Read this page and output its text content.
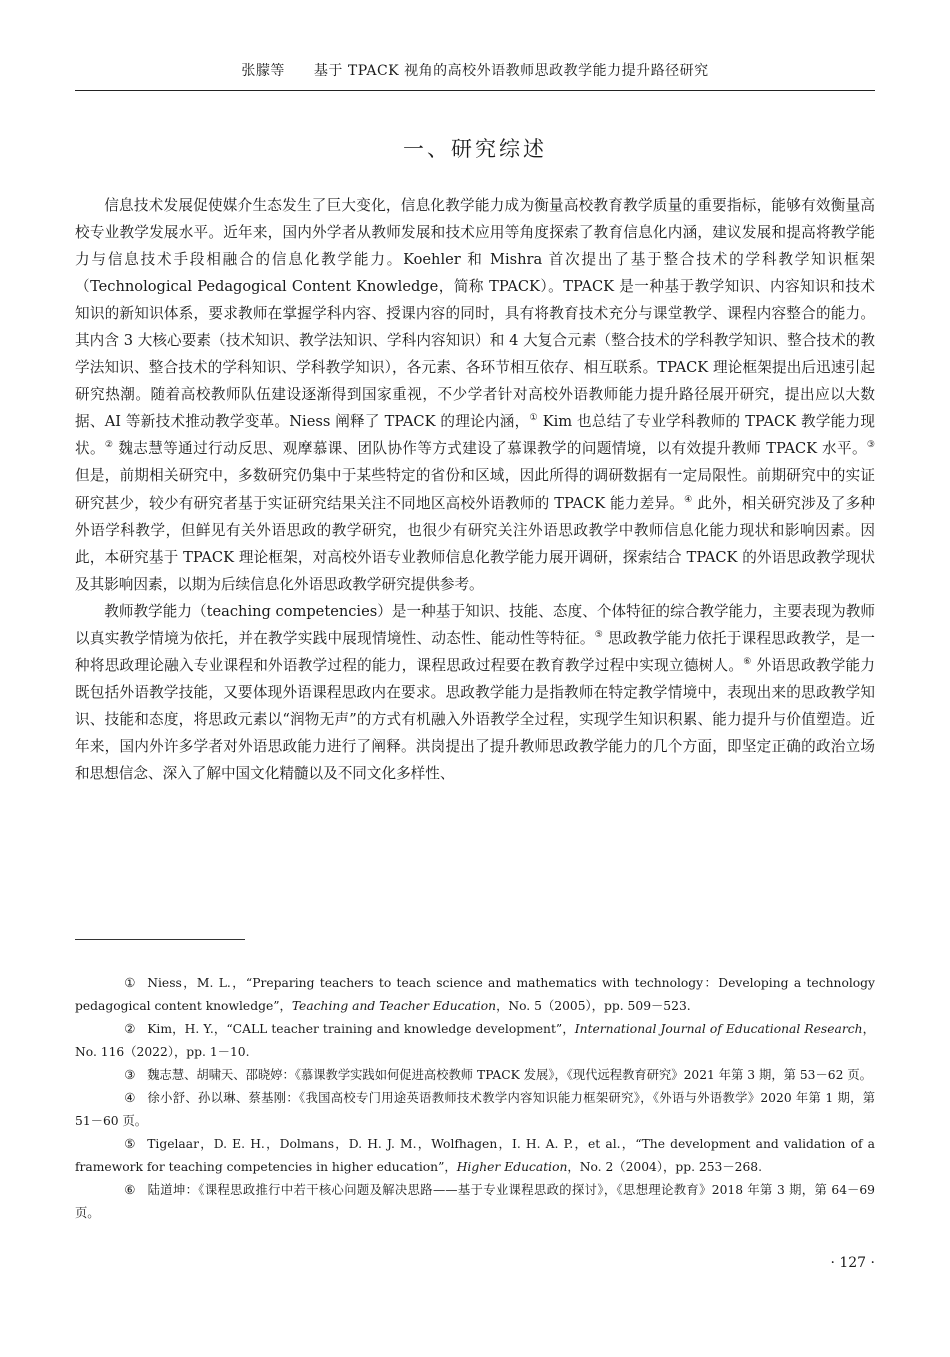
张朦等　　基于 TPACK 视角的高校外语教师思政教学能力提升路径研究
一、研究综述

信息技术发展促使媒介生态发生了巨大变化，信息化教学能力成为衡量高校教育教学质量的重要指标，能够有效衡量高校专业教学发展水平。近年来，国内外学者从教师发展和技术应用等角度探索了教育信息化内涵，建议发展和提高将教学能力与信息技术手段相融合的信息化教学能力。Koehler 和 Mishra 首次提出了基于整合技术的学科教学知识框架（Technological Pedagogical Content Knowledge，简称 TPACK）。TPACK 是一种基于教学知识、内容知识和技术知识的新知识体系，要求教师在掌握学科内容、授课内容的同时，具有将教育技术充分与课堂教学、课程内容整合的能力。其内含 3 大核心要素（技术知识、教学法知识、学科内容知识）和 4 大复合元素（整合技术的学科教学知识、整合技术的教学法知识、整合技术的学科知识、学科教学知识），各元素、各环节相互依存、相互联系。TPACK 理论框架提出后迅速引起研究热潮。随着高校教师队伍建设逐渐得到国家重视，不少学者针对高校外语教师能力提升路径展开研究，提出应以大数据、AI 等新技术推动教学变革。Niess 阐释了 TPACK 的理论内涵，① Kim 也总结了专业学科教师的 TPACK 教学能力现状。② 魏志慧等通过行动反思、观摩慕课、团队协作等方式建设了慕课教学的问题情境，以有效提升教师 TPACK 水平。③ 但是，前期相关研究中，多数研究仍集中于某些特定的省份和区域，因此所得的调研数据有一定局限性。前期研究中的实证研究甚少，较少有研究者基于实证研究结果关注不同地区高校外语教师的 TPACK 能力差异。④ 此外，相关研究涉及了多种外语学科教学，但鲜见有关外语思政的教学研究，也很少有研究关注外语思政教学中教师信息化能力现状和影响因素。因此，本研究基于 TPACK 理论框架，对高校外语专业教师信息化教学能力展开调研，探索结合 TPACK 的外语思政教学现状及其影响因素，以期为后续信息化外语思政教学研究提供参考。

教师教学能力（teaching competencies）是一种基于知识、技能、态度、个体特征的综合教学能力，主要表现为教师以真实教学情境为依托，并在教学实践中展现情境性、动态性、能动性等特征。⑤ 思政教学能力依托于课程思政教学，是一种将思政理论融入专业课程和外语教学过程的能力，课程思政过程要在教育教学过程中实现立德树人。⑥ 外语思政教学能力既包括外语教学技能，又要体现外语课程思政内在要求。思政教学能力是指教师在特定教学情境中，表现出来的思政教学知识、技能和态度，将思政元素以“润物无声”的方式有机融入外语教学全过程，实现学生知识积累、能力提升与价值塑造。近年来，国内外许多学者对外语思政能力进行了阐释。洪岗提出了提升教师思政教学能力的几个方面，即坚定正确的政治立场和思想信念、深入了解中国文化精髓以及不同文化多样性、

① Niess，M. L.，“Preparing teachers to teach science and mathematics with technology：Developing a technology pedagogical content knowledge”，Teaching and Teacher Education，No. 5（2005），pp. 509－523.

② Kim，H. Y.，“CALL teacher training and knowledge development”，International Journal of Educational Research，No. 116（2022），pp. 1－10.

③ 魏志慧、胡啸天、邵晓婷：《慕课教学实践如何促进高校教师 TPACK 发展》，《现代远程教育研究》2021 年第 3 期，第 53－62 页。

④ 徐小舒、孙以琳、蔡基刚：《我国高校专门用途英语教师技术教学内容知识能力框架研究》，《外语与外语教学》2020 年第 1 期，第 51－60 页。

⑤ Tigelaar，D. E. H.，Dolmans，D. H. J. M.，Wolfhagen，I. H. A. P.，et al.，“The development and validation of a framework for teaching competencies in higher education”，Higher Education，No. 2（2004），pp. 253－268.

⑥ 陆道坤：《课程思政推行中若干核心问题及解决思路——基于专业课程思政的探讨》，《思想理论教育》2018 年第 3 期，第 64－69 页。

· 127 ·
